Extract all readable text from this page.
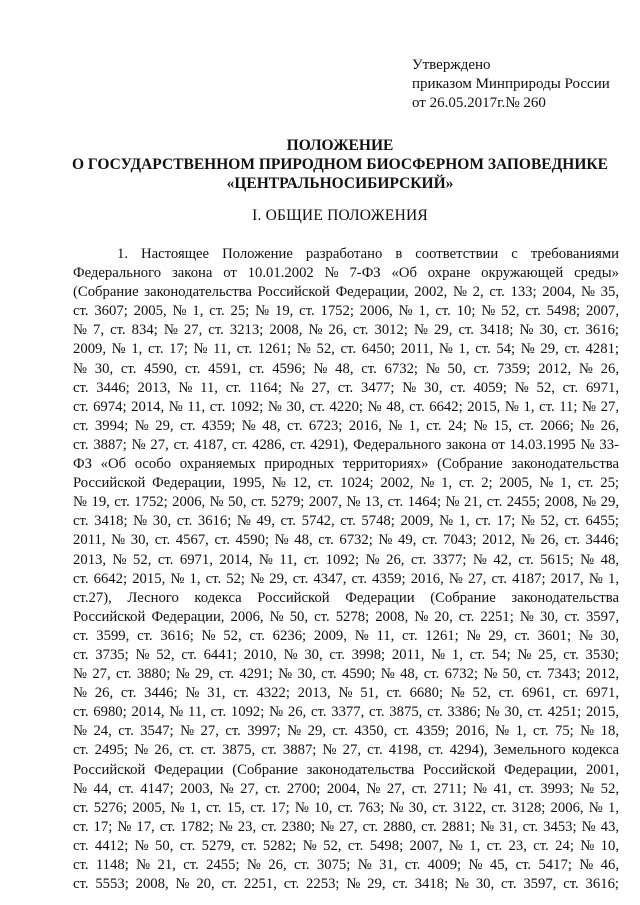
Утверждено
приказом Минприроды России
от 26.05.2017г.№ 260
ПОЛОЖЕНИЕ
О ГОСУДАРСТВЕННОМ ПРИРОДНОМ БИОСФЕРНОМ ЗАПОВЕДНИКЕ
«ЦЕНТРАЛЬНОСИБИРСКИЙ»
I. ОБЩИЕ ПОЛОЖЕНИЯ
1. Настоящее Положение разработано в соответствии с требованиями
Федерального закона от 10.01.2002 № 7-ФЗ «Об охране окружающей среды»
(Собрание законодательства Российской Федерации, 2002, № 2, ст. 133; 2004, № 35,
ст. 3607; 2005, № 1, ст. 25; № 19, ст. 1752; 2006, № 1, ст. 10; № 52, ст. 5498; 2007,
№ 7, ст. 834; № 27, ст. 3213; 2008, № 26, ст. 3012; № 29, ст. 3418; № 30, ст. 3616;
2009, № 1, ст. 17; № 11, ст. 1261; № 52, ст. 6450; 2011, № 1, ст. 54; № 29, ст. 4281;
№ 30, ст. 4590, ст. 4591, ст. 4596; № 48, ст. 6732; № 50, ст. 7359; 2012, № 26,
ст. 3446; 2013, № 11, ст. 1164; № 27, ст. 3477; № 30, ст. 4059; № 52, ст. 6971,
ст. 6974; 2014, № 11, ст. 1092; № 30, ст. 4220; № 48, ст. 6642; 2015, № 1, ст. 11; № 27,
ст. 3994; № 29, ст. 4359; № 48, ст. 6723; 2016, № 1, ст. 24; № 15, ст. 2066; № 26,
ст. 3887; № 27, ст. 4187, ст. 4286, ст. 4291), Федерального закона от 14.03.1995 № 33-
ФЗ «Об особо охраняемых природных территориях» (Собрание законодательства
Российской Федерации, 1995, № 12, ст. 1024; 2002, № 1, ст. 2; 2005, № 1, ст. 25;
№ 19, ст. 1752; 2006, № 50, ст. 5279; 2007, № 13, ст. 1464; № 21, ст. 2455; 2008, № 29,
ст. 3418; № 30, ст. 3616; № 49, ст. 5742, ст. 5748; 2009, № 1, ст. 17; № 52, ст. 6455;
2011, № 30, ст. 4567, ст. 4590; № 48, ст. 6732; № 49, ст. 7043; 2012, № 26, ст. 3446;
2013, № 52, ст. 6971, 2014, № 11, ст. 1092; № 26, ст. 3377; № 42, ст. 5615; № 48,
ст. 6642; 2015, № 1, ст. 52; № 29, ст. 4347, ст. 4359; 2016, № 27, ст. 4187; 2017, № 1,
ст.27), Лесного кодекса Российской Федерации (Собрание законодательства
Российской Федерации, 2006, № 50, ст. 5278; 2008, № 20, ст. 2251; № 30, ст. 3597,
ст. 3599, ст. 3616; № 52, ст. 6236; 2009, № 11, ст. 1261; № 29, ст. 3601; № 30,
ст. 3735; № 52, ст. 6441; 2010, № 30, ст. 3998; 2011, № 1, ст. 54; № 25, ст. 3530;
№ 27, ст. 3880; № 29, ст. 4291; № 30, ст. 4590; № 48, ст. 6732; № 50, ст. 7343; 2012,
№ 26, ст. 3446; № 31, ст. 4322; 2013, № 51, ст. 6680; № 52, ст. 6961, ст. 6971,
ст. 6980; 2014, № 11, ст. 1092; № 26, ст. 3377, ст. 3875, ст. 3386; № 30, ст. 4251; 2015,
№ 24, ст. 3547; № 27, ст. 3997; № 29, ст. 4350, ст. 4359; 2016, № 1, ст. 75; № 18,
ст. 2495; № 26, ст. ст. 3875, ст. 3887; № 27, ст. 4198, ст. 4294), Земельного кодекса
Российской Федерации (Собрание законодательства Российской Федерации, 2001,
№ 44, ст. 4147; 2003, № 27, ст. 2700; 2004, № 27, ст. 2711; № 41, ст. 3993; № 52,
ст. 5276; 2005, № 1, ст. 15, ст. 17; № 10, ст. 763; № 30, ст. 3122, ст. 3128; 2006, № 1,
ст. 17; № 17, ст. 1782; № 23, ст. 2380; № 27, ст. 2880, ст. 2881; № 31, ст. 3453; № 43,
ст. 4412; № 50, ст. 5279, ст. 5282; № 52, ст. 5498; 2007, № 1, ст. 23, ст. 24; № 10,
ст. 1148; № 21, ст. 2455; № 26, ст. 3075; № 31, ст. 4009; № 45, ст. 5417; № 46,
ст. 5553; 2008, № 20, ст. 2251, ст. 2253; № 29, ст. 3418; № 30, ст. 3597, ст. 3616;
